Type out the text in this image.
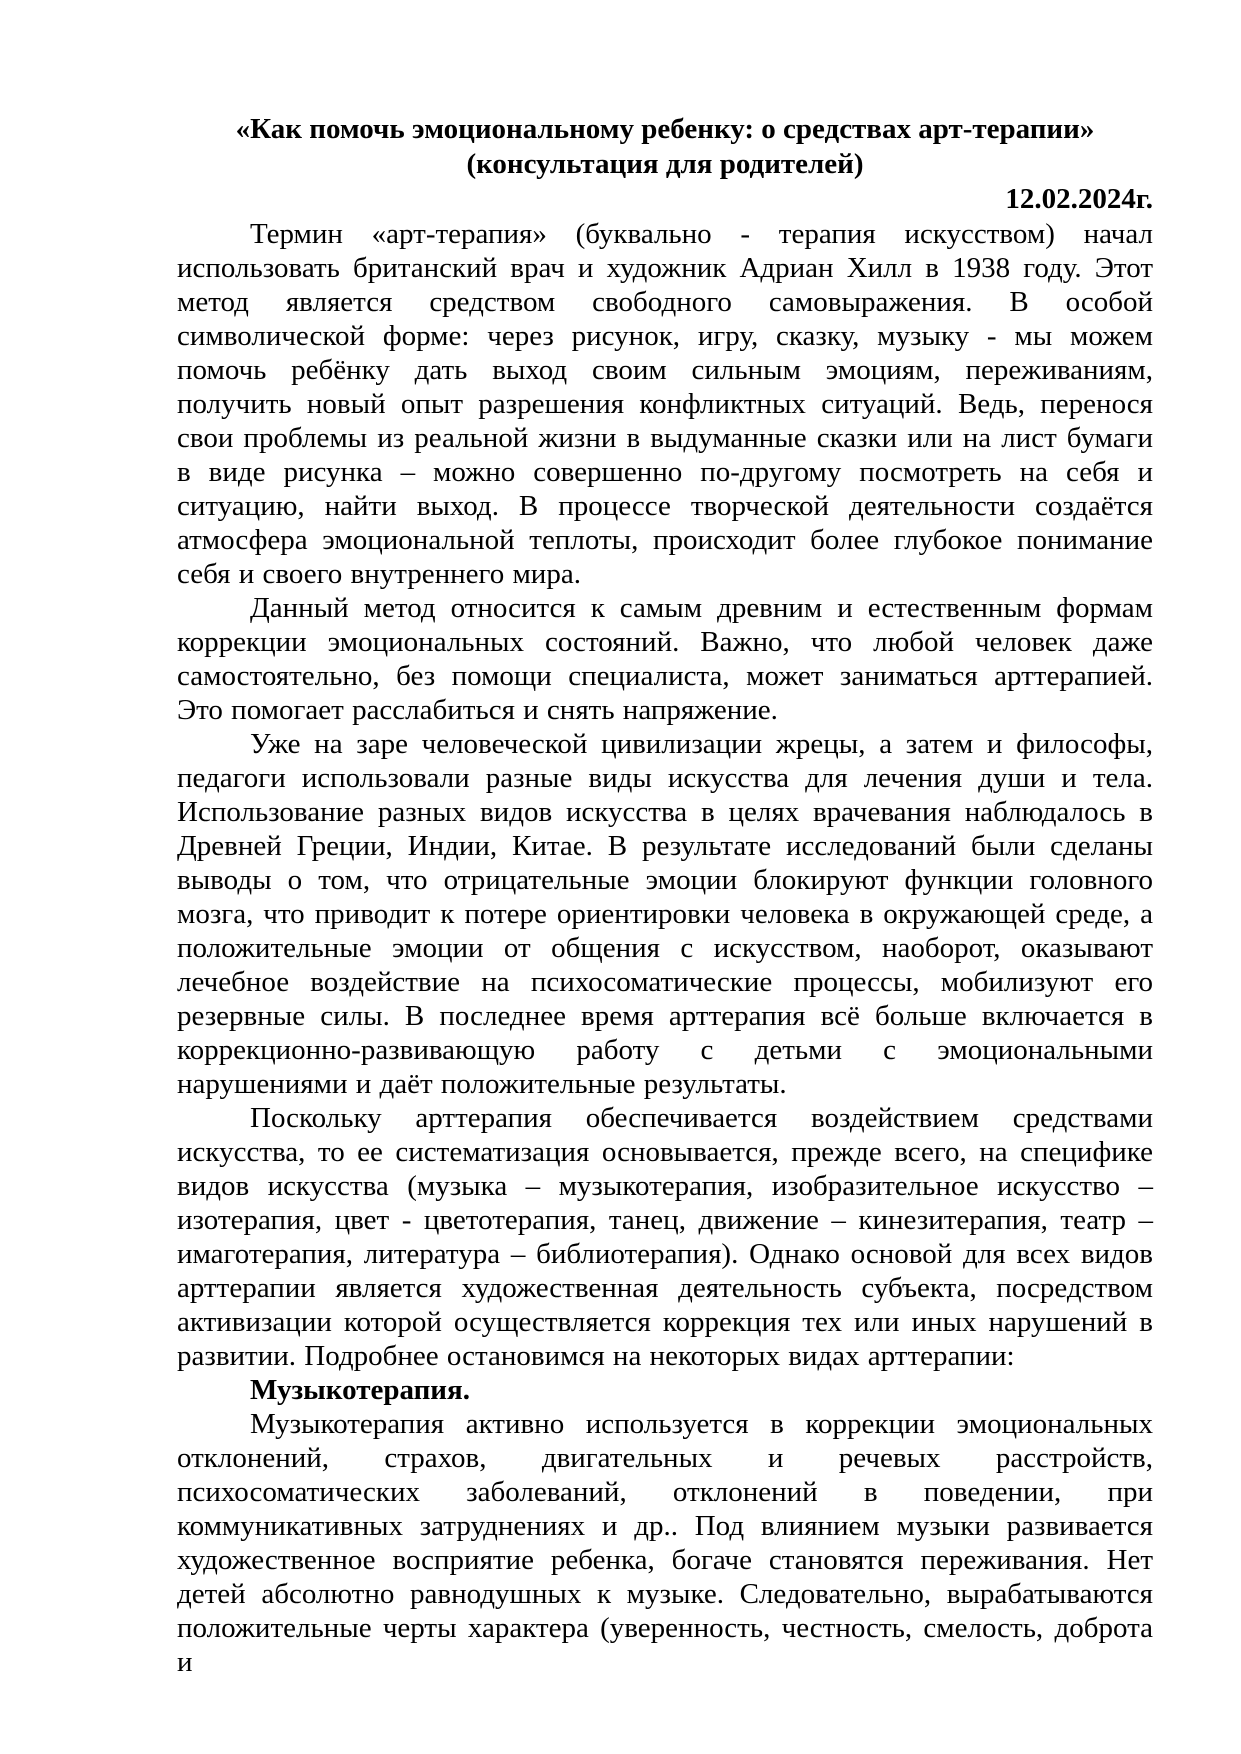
«Как помочь эмоциональному ребенку: о средствах арт-терапии»
(консультация для родителей)
12.02.2024г.

Термин «арт-терапия» (буквально - терапия искусством) начал использовать британский врач и художник Адриан Хилл в 1938 году. Этот метод является средством свободного самовыражения. В особой символической форме: через рисунок, игру, сказку, музыку - мы можем помочь ребёнку дать выход своим сильным эмоциям, переживаниям, получить новый опыт разрешения конфликтных ситуаций. Ведь, перенося свои проблемы из реальной жизни в выдуманные сказки или на лист бумаги в виде рисунка – можно совершенно по-другому посмотреть на себя и ситуацию, найти выход. В процессе творческой деятельности создаётся атмосфера эмоциональной теплоты, происходит более глубокое понимание себя и своего внутреннего мира.

Данный метод относится к самым древним и естественным формам коррекции эмоциональных состояний. Важно, что любой человек даже самостоятельно, без помощи специалиста, может заниматься арттерапией. Это помогает расслабиться и снять напряжение.

Уже на заре человеческой цивилизации жрецы, а затем и философы, педагоги использовали разные виды искусства для лечения души и тела. Использование разных видов искусства в целях врачевания наблюдалось в Древней Греции, Индии, Китае. В результате исследований были сделаны выводы о том, что отрицательные эмоции блокируют функции головного мозга, что приводит к потере ориентировки человека в окружающей среде, а положительные эмоции от общения с искусством, наоборот, оказывают лечебное воздействие на психосоматические процессы, мобилизуют его резервные силы. В последнее время арттерапия всё больше включается в коррекционно-развивающую работу с детьми с эмоциональными нарушениями и даёт положительные результаты.

Поскольку арттерапия обеспечивается воздействием средствами искусства, то ее систематизация основывается, прежде всего, на специфике видов искусства (музыка – музыкотерапия, изобразительное искусство – изотерапия, цвет - цветотерапия, танец, движение – кинезитерапия, театр – имаготерапия, литература – библиотерапия). Однако основой для всех видов арттерапии является художественная деятельность субъекта, посредством активизации которой осуществляется коррекция тех или иных нарушений в развитии. Подробнее остановимся на некоторых видах арттерапии:

Музыкотерапия.

Музыкотерапия активно используется в коррекции эмоциональных отклонений, страхов, двигательных и речевых расстройств, психосоматических заболеваний, отклонений в поведении, при коммуникативных затруднениях и др.. Под влиянием музыки развивается художественное восприятие ребенка, богаче становятся переживания. Нет детей абсолютно равнодушных к музыке. Следовательно, вырабатываются положительные черты характера (уверенность, честность, смелость, доброта и
